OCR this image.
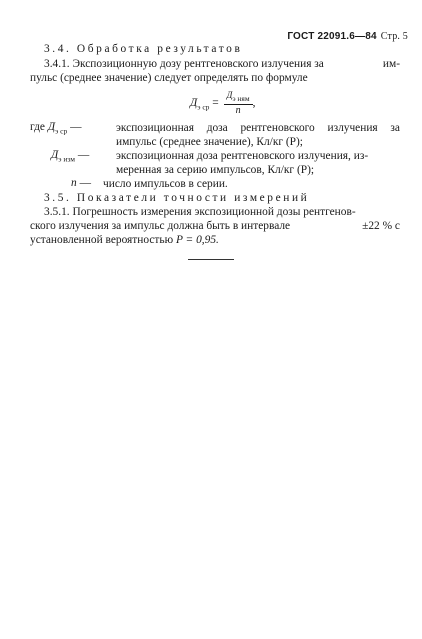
ГОСТ 22091.6—84 Стр. 5
3.4. Обработка результатов
3.4.1. Экспозиционную дозу рентгеновского излучения за	им-
пульс (среднее значение) следует определять по формуле
$Д_{э ср} = \frac{Д_{э ням}}{n}$ ,
где $Д_{э ср}$ —	экспозиционная доза рентгеновского излучения за
импульс (среднее значение), Кл/кг (Р);
$Д_{э изм}$ — экспозиционная доза рентгеновского излучения, из-
меренная за серию импульсов, Кл/кг (Р);
n — число импульсов в серии.
3.5. Показатели точности измерений
3.5.1. Погрешность измерения экспозиционной дозы рентгенов-
ского излучения за импульс должна быть в интервале	±22 % с
установленной вероятностью P = 0,95.
